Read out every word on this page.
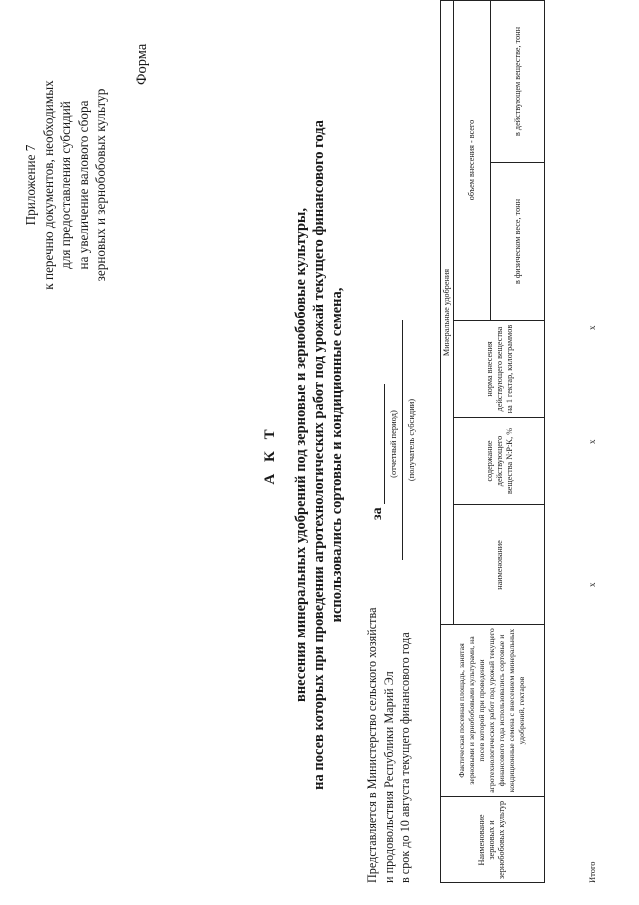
Приложение 7 к перечню документов, необходимых для предоставления субсидий на увеличение валового сбора зерновых и зернобобовых культур
Форма
А К Т внесения минеральных удобрений под зерновые и зернобобовые культуры, на посев которых при проведении агротехнологических работ под урожай текущего финансового года использовались сортовые и кондиционные семена, за
(отчетный период) (получатель субсидии)
Представляется в Министерство сельского хозяйства и продовольствия Республики Марий Эл в срок до 10 августа текущего финансового года	Наименование зерновых и зернобобовых культур
Фактическая посевная площадь, занятая зерновыми и зернобобовыми культурами, на посев которой при проведении агротехнологических работ под урожай текущего финансового года использовались сортовые и кондиционные семена с внесением минеральных удобрений, гектаров
Минеральные удобрения
наименование
содержание действующего вещества N:P:K, %
норма внесения действующего вещества на 1 гектар, килограммов
объем внесения - всего
в физическом весе, тонн
в действующем веществе, тонн
Итого
х
х
х
